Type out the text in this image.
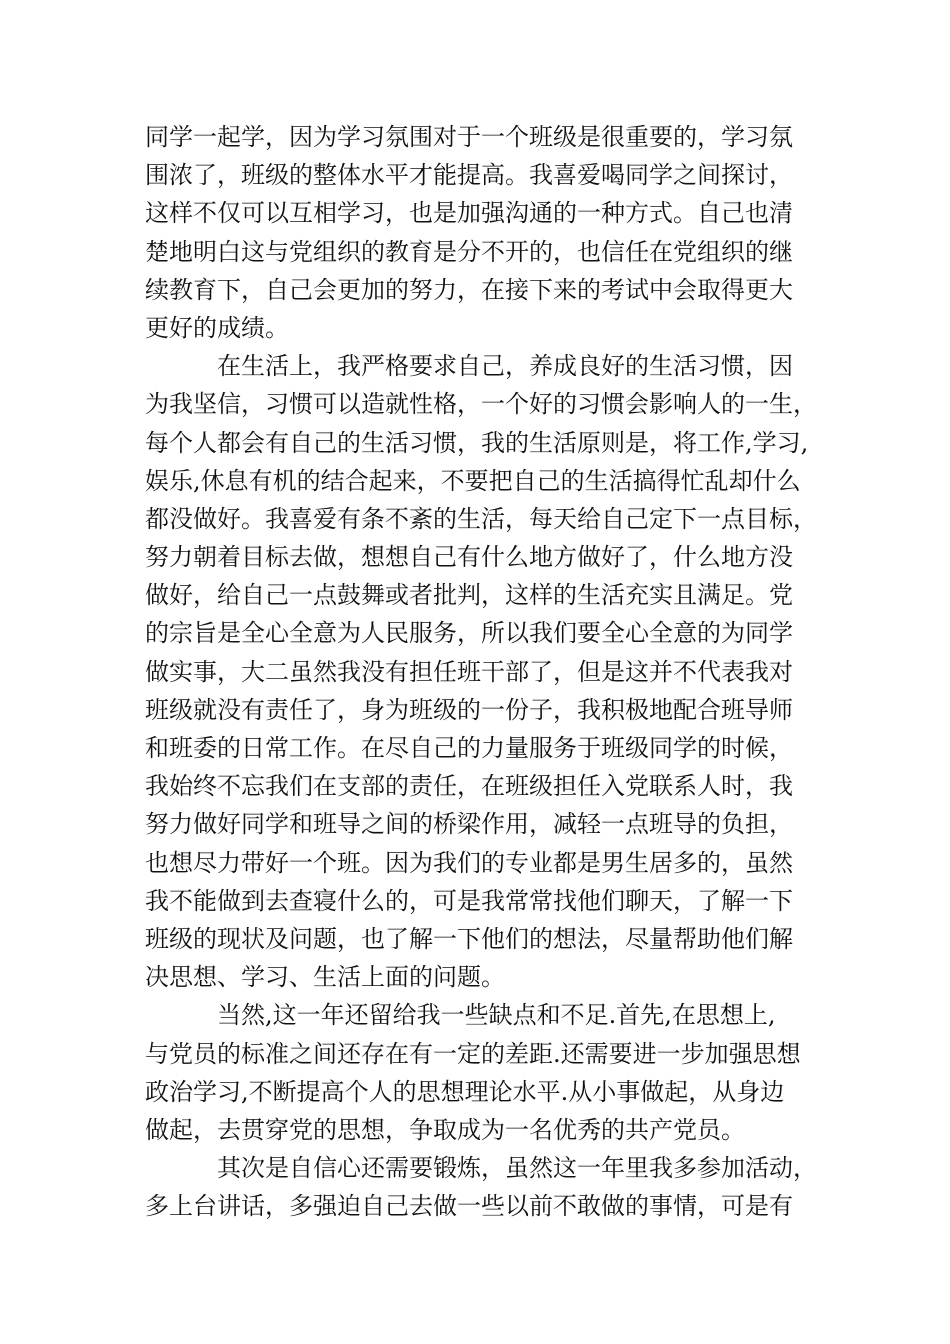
同学一起学，因为学习氛围对于一个班级是很重要的，学习氛
围浓了，班级的整体水平才能提高。我喜爱喝同学之间探讨，
这样不仅可以互相学习，也是加强沟通的一种方式。自己也清
楚地明白这与党组织的教育是分不开的，也信任在党组织的继
续教育下，自己会更加的努力，在接下来的考试中会取得更大
更好的成绩。
在生活上，我严格要求自己，养成良好的生活习惯，因
为我坚信，习惯可以造就性格，一个好的习惯会影响人的一生，
每个人都会有自己的生活习惯，我的生活原则是，将工作,学习,
娱乐,休息有机的结合起来，不要把自己的生活搞得忙乱却什么
都没做好。我喜爱有条不紊的生活，每天给自己定下一点目标，
努力朝着目标去做，想想自己有什么地方做好了，什么地方没
做好，给自己一点鼓舞或者批判，这样的生活充实且满足。党
的宗旨是全心全意为人民服务，所以我们要全心全意的为同学
做实事，大二虽然我没有担任班干部了，但是这并不代表我对
班级就没有责任了，身为班级的一份子，我积极地配合班导师
和班委的日常工作。在尽自己的力量服务于班级同学的时候，
我始终不忘我们在支部的责任，在班级担任入党联系人时，我
努力做好同学和班导之间的桥梁作用，减轻一点班导的负担，
也想尽力带好一个班。因为我们的专业都是男生居多的，虽然
我不能做到去查寝什么的，可是我常常找他们聊天，了解一下
班级的现状及问题，也了解一下他们的想法，尽量帮助他们解
决思想、学习、生活上面的问题。
当然,这一年还留给我一些缺点和不足.首先,在思想上,
与党员的标准之间还存在有一定的差距.还需要进一步加强思想
政治学习,不断提高个人的思想理论水平.从小事做起，从身边
做起，去贯穿党的思想，争取成为一名优秀的共产党员。
其次是自信心还需要锻炼，虽然这一年里我多参加活动，
多上台讲话，多强迫自己去做一些以前不敢做的事情，可是有
